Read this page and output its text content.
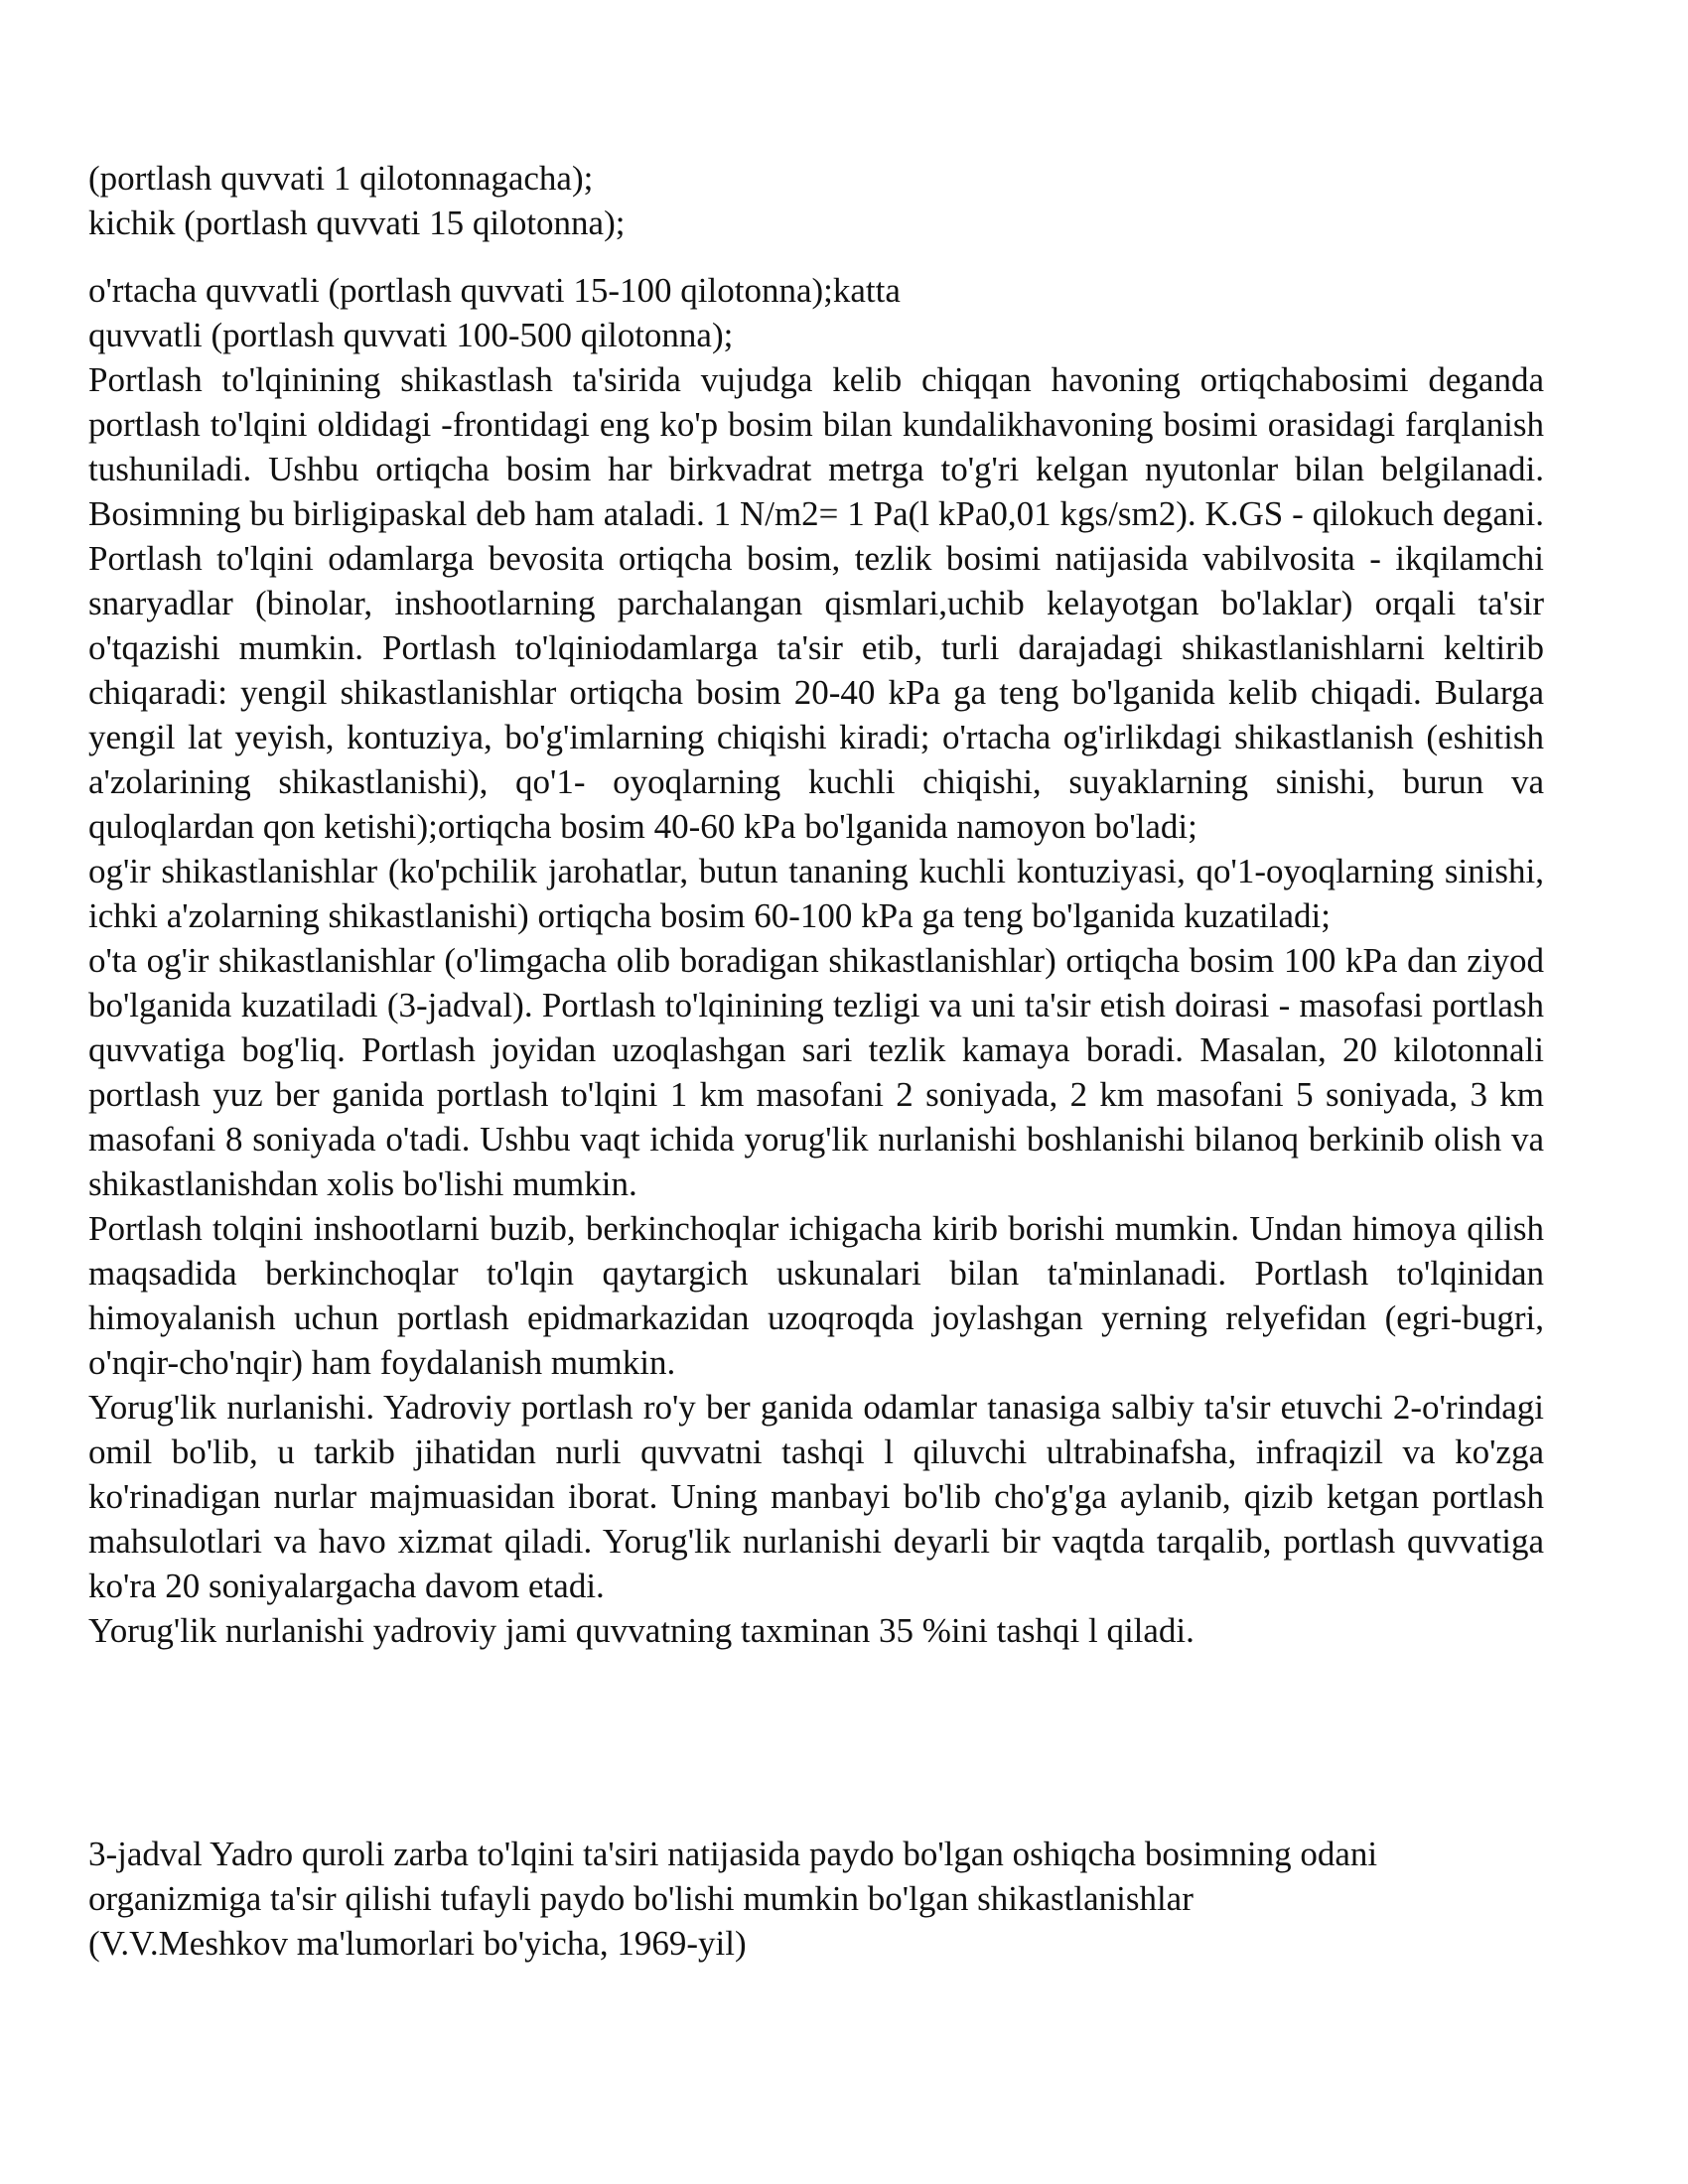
(portlash quvvati 1 qilotonnagacha);

kichik (portlash quvvati 15 qilotonna);

o'rtacha quvvatli (portlash quvvati 15-100 qilotonna);katta

quvvatli (portlash quvvati 100-500 qilotonna);

Portlash to'lqinining shikastlash ta'sirida vujudga kelib chiqqan havoning ortiqchabosimi deganda portlash to'lqini oldidagi -frontidagi eng ko'p bosim bilan kundalikhavoning bosimi orasidagi farqlanish tushuniladi. Ushbu ortiqcha bosim har birkvadrat metrga to'g'ri kelgan nyutonlar bilan belgilanadi. Bosimning bu birligipaskal deb ham ataladi. 1 N/m2= 1 Pa(l kPa0,01 kgs/sm2). K.GS - qilokuch degani. Portlash to'lqini odamlarga bevosita ortiqcha bosim, tezlik bosimi natijasida vabilvosita - ikqilamchi snaryadlar (binolar, inshootlarning parchalangan qismlari,uchib kelayotgan bo'laklar) orqali ta'sir o'tqazishi mumkin. Portlash to'lqiniodamlarga ta'sir etib, turli darajadagi shikastlanishlarni keltirib chiqaradi: yengil shikastlanishlar ortiqcha bosim 20-40 kPa ga teng bo'lganida kelib chiqadi. Bularga yengil lat yeyish, kontuziya, bo'g'imlarning chiqishi kiradi; o'rtacha og'irlikdagi shikastlanish (eshitish a'zolarining shikastlanishi), qo'1- oyoqlarning kuchli chiqishi, suyaklarning sinishi, burun va quloqlardan qon ketishi);ortiqcha bosim 40-60 kPa bo'lganida namoyon bo'ladi;

og'ir shikastlanishlar (ko'pchilik jarohatlar, butun tananing kuchli kontuziyasi, qo'1-oyoqlarning sinishi, ichki a'zolarning shikastlanishi) ortiqcha bosim 60-100 kPa ga teng bo'lganida kuzatiladi;

o'ta og'ir shikastlanishlar (o'limgacha olib boradigan shikastlanishlar) ortiqcha bosim 100 kPa dan ziyod bo'lganida kuzatiladi (3-jadval). Portlash to'lqinining tezligi va uni ta'sir etish doirasi - masofasi portlash quvvatiga bog'liq. Portlash joyidan uzoqlashgan sari tezlik kamaya boradi. Masalan, 20 kilotonnali portlash yuz ber ganida portlash to'lqini 1 km masofani 2 soniyada, 2 km masofani 5 soniyada, 3 km masofani 8 soniyada o'tadi. Ushbu vaqt ichida yorug'lik nurlanishi boshlanishi bilanoq berkinib olish va shikastlanishdan xolis bo'lishi mumkin.

Portlash tolqini inshootlarni buzib, berkinchoqlar ichigacha kirib borishi mumkin. Undan himoya qilish maqsadida berkinchoqlar to'lqin qaytargich uskunalari bilan ta'minlanadi. Portlash to'lqinidan himoyalanish uchun portlash epidmarkazidan uzoqroqda joylashgan yerning relyefidan (egri-bugri, o'nqir-cho'nqir) ham foydalanish mumkin.

Yorug'lik nurlanishi. Yadroviy portlash ro'y ber ganida odamlar tanasiga salbiy ta'sir etuvchi 2-o'rindagi omil bo'lib, u tarkib jihatidan nurli quvvatni tashqi l qiluvchi ultrabinafsha, infraqizil va ko'zga ko'rinadigan nurlar majmuasidan iborat. Uning manbayi bo'lib cho'g'ga aylanib, qizib ketgan portlash mahsulotlari va havo xizmat qiladi. Yorug'lik nurlanishi deyarli bir vaqtda tarqalib, portlash quvvatiga ko'ra 20 soniyalargacha davom etadi.

Yorug'lik nurlanishi yadroviy jami quvvatning taxminan 35 %ini tashqi l qiladi.

3-jadval Yadro quroli zarba to'lqini ta'siri natijasida paydo bo'lgan oshiqcha bosimning odani

organizmiga ta'sir qilishi tufayli paydo bo'lishi mumkin bo'lgan shikastlanishlar

(V.V.Meshkov ma'lumorlari bo'yicha, 1969-yil)
